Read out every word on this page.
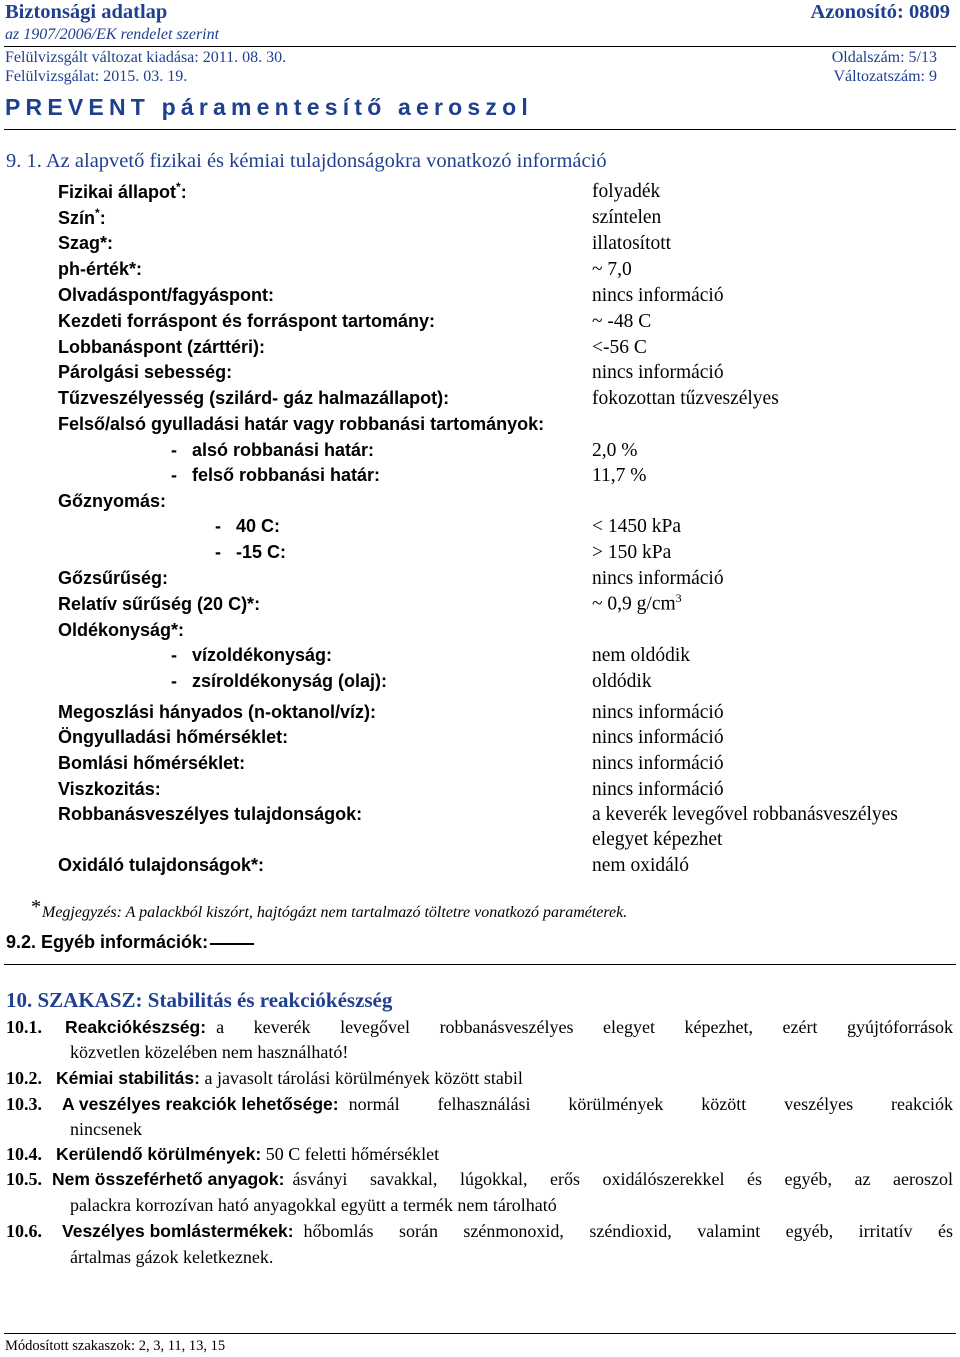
Biztonsági adatlap	Azonosító: 0809
az 1907/2006/EK rendelet szerint
Felülvizsgált változat kiadása: 2011. 08. 30.	Oldalszám: 5/13
Felülvizsgálat: 2015. 03. 19.	Változatszám: 9
PREVENT páramentesítő aeroszol
9. 1. Az alapvető fizikai és kémiai tulajdonságokra vonatkozó információ
Fizikai állapot*:	folyadék
Szín*:	színtelen
Szag*:	illatosított
ph-érték*:	~ 7,0
Olvadáspont/fagyáspont:	nincs információ
Kezdeti forráspont és forráspont tartomány:	~ -48 C
Lobbanáspont (zárttéri):	<-56 C
Párolgási sebesség:	nincs információ
Tűzveszélyesség (szilárd- gáz halmazállapot):	fokozottan tűzveszélyes
Felső/alsó gyulladási határ vagy robbanási tartományok:
-   alsó robbanási határ:	2,0 %
-   felső robbanási határ:	11,7 %
Gőznyomás:
-   40 C:	< 1450 kPa
-   -15 C:	> 150 kPa
Gőzsűrűség:	nincs információ
Relatív sűrűség (20 C)*:	~ 0,9 $g/cm^3$
Oldékonyság*:
-   vízoldékonyság:	nem oldódik
-   zsíroldékonyság (olaj):	oldódik
Megoszlási hányados (n-oktanol/víz):	nincs információ
Öngyulladási hőmérséklet:	nincs információ
Bomlási hőmérséklet:	nincs információ
Viszkozitás:	nincs információ
Robbanásveszélyes tulajdonságok:	a keverék levegővel robbanásveszélyes
elegyet képezhet
Oxidáló tulajdonságok*:	nem oxidáló
* Megjegyzés: A palackból kiszórt, hajtógázt nem tartalmazó töltetre vonatkozó paraméterek.
9.2. Egyéb információk:
10. SZAKASZ: Stabilitás és reakciókészség
10.1. Reakciókészség: a keverék levegővel robbanásveszélyes elegyet képezhet, ezért gyújtóforrások
közvetlen közelében nem használható!
10.2. Kémiai stabilitás: a javasolt tárolási körülmények között stabil
10.3. A veszélyes reakciók lehetősége: normál felhasználási körülmények között veszélyes reakciók
nincsenek
10.4. Kerülendő körülmények: 50 C feletti hőmérséklet
10.5. Nem összeférhető anyagok: ásványi savakkal, lúgokkal, erős oxidálószerekkel és egyéb, az aeroszol
palackra korrozívan ható anyagokkal együtt a termék nem tárolható
10.6. Veszélyes bomlástermékek: hőbomlás során szénmonoxid, széndioxid, valamint egyéb, irritatív és
ártalmas gázok keletkeznek.
Módosított szakaszok: 2, 3, 11, 13, 15
